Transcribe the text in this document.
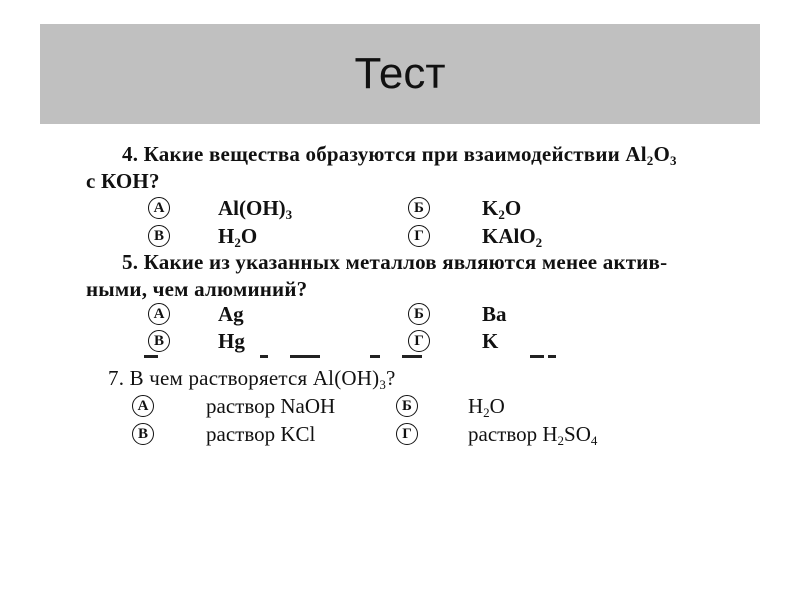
Тест
4. Какие вещества образуются при взаимодействии $Al_2O_3$
с КОН?
А	$Al(OH)_3$	Б	$K_2O$
В	$H_2O$	Г	KAlO$_2$
5. Какие из указанных металлов являются менее актив-
ными, чем алюминий?
А	Ag	Б	Ba
В	Hg	Г	K
7. В чем растворяется $Al(OH)_3$?
А	раствор NaOH	Б	$H_2O$
В	раствор KCl	Г	раствор $H_2SO_4$
